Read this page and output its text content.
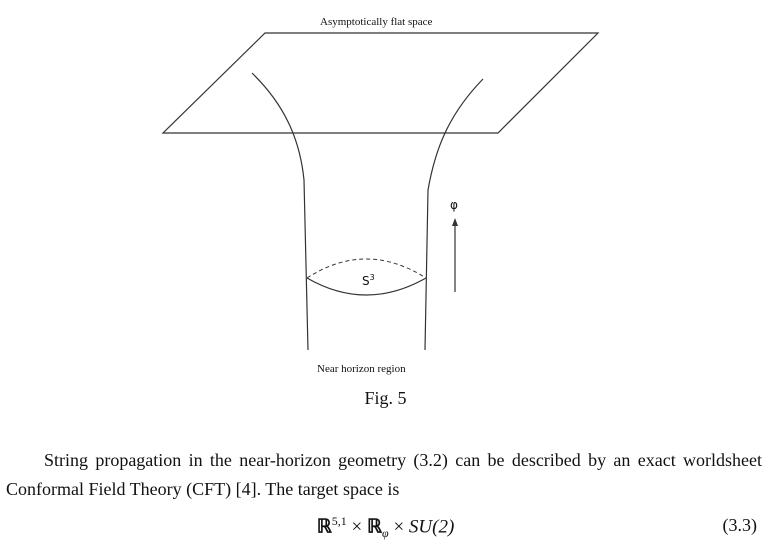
Asymptotically flat space
Near horizon region
$S^3$
φ
Fig. 5
String propagation in the near-horizon geometry (3.2) can be described by an exact worldsheet Conformal Field Theory (CFT) [4]. The target space is
ℝ$^{5,1}$ × ℝ$_\varphi$ × SU(2)	(3.3)
